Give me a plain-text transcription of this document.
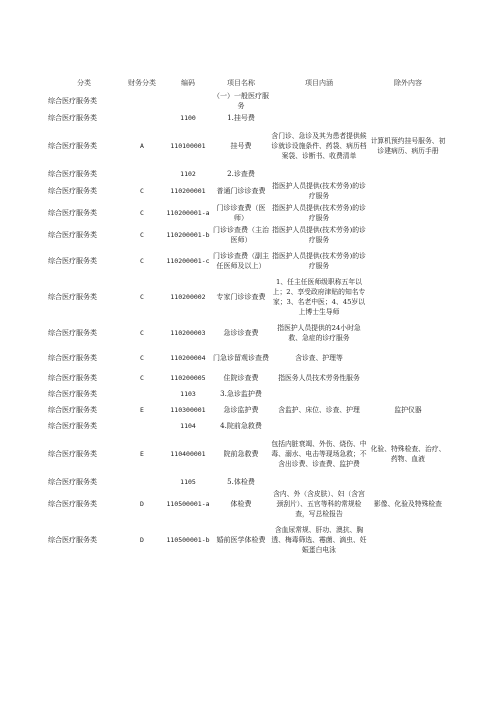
分类	财务分类	编码	项目名称	项目内涵	除外内容
综合医疗服务类			（一）一般医疗服务		
综合医疗服务类		1100	1.挂号费		
综合医疗服务类	A	110100001	挂号费	含门诊、急诊及其为患者提供候诊就诊设施条件、药袋、病历档案袋、诊断书、收费清单	计算机预约挂号服务、初诊建病历、病历手册
综合医疗服务类		1102	2.诊查费		
综合医疗服务类	C	110200001	普通门诊诊查费	指医护人员提供(技术劳务)的诊疗服务	
综合医疗服务类	C	110200001-a	门诊诊查费（医师）	指医护人员提供(技术劳务)的诊疗服务	
综合医疗服务类	C	110200001-b	门诊诊查费（主治医师）	指医护人员提供(技术劳务)的诊疗服务	
综合医疗服务类	C	110200001-c	门诊诊查费（副主任医师及以上）	指医护人员提供(技术劳务)的诊疗服务	
综合医疗服务类	C	110200002	专家门诊诊查费	1、任主任医师级职称五年以上；2、享受政府津贴的知名专家；3、名老中医；4、45岁以上博士生导师	
综合医疗服务类	C	110200003	急诊诊查费	指医护人员提供的24小时急救、急症的诊疗服务	
综合医疗服务类	C	110200004	门急诊留观诊查费	含诊查、护理等	
综合医疗服务类	C	110200005	住院诊查费	指医务人员技术劳务性服务	
综合医疗服务类		1103	3.急诊监护费		
综合医疗服务类	E	110300001	急诊监护费	含监护、床位、诊查、护理	监护仪器
综合医疗服务类		1104	4.院前急救费		
综合医疗服务类	E	110400001	院前急救费	包括内脏衰竭、外伤、烧伤、中毒、溺水、电击等现场急救；不含出诊费、诊查费、监护费	化验、特殊检查、治疗、药物、血液
综合医疗服务类		1105	5.体检费		
综合医疗服务类	D	110500001-a	体检费	含内、外（含皮肤）、妇（含宫颈刮片）、五官等科的常规检查，写总检报告	影像、化验及特殊检查
综合医疗服务类	D	110500001-b	婚前医学体检费	含血尿常规、肝功、澳抗、胸透、梅毒筛选、霉菌、滴虫、妊娠蛋白电泳	
